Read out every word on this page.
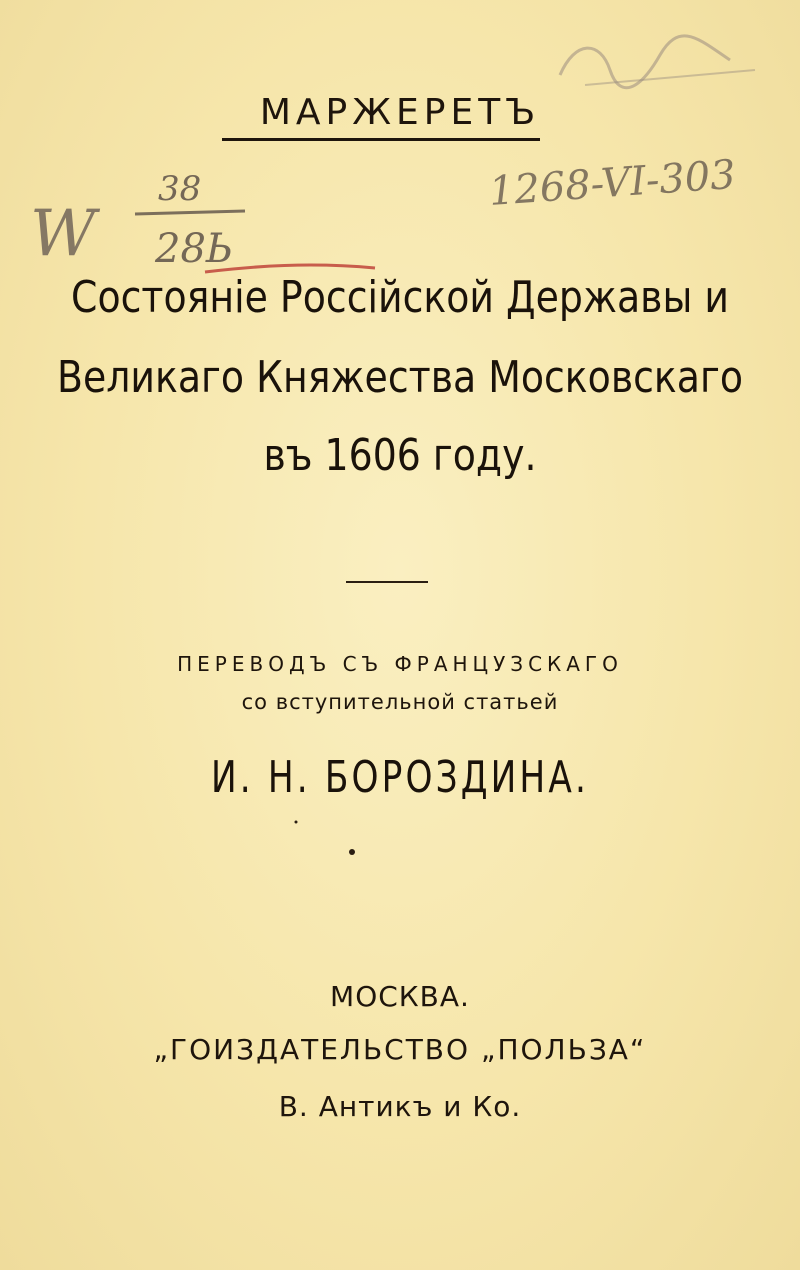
МАРЖЕРЕТЪ
Состоянiе Россiйской Державы и
Великаго Княжества Московскаго
въ 1606 году.
ПЕРЕВОДЪ СЪ ФРАНЦУЗСКАГО
со вступительной статьей
И. Н. БОРОЗДИНА.
МОСКВА.
„ГОИЗДАТЕЛЬСТВО „ПОЛЬЗА“
В. Антикъ и Ко.
W
38
28Ь
1268-VI-303
